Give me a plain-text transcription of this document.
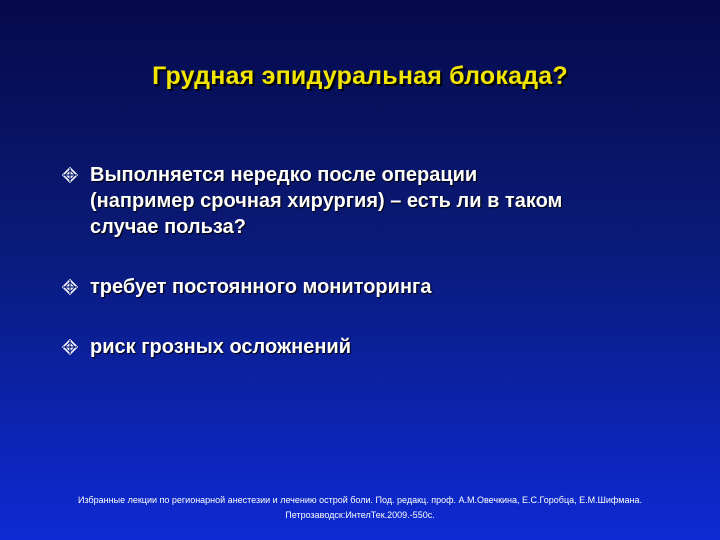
Грудная эпидуральная блокада?
Выполняется нередко после операции
(например срочная хирургия) – есть ли в таком
случае польза?
требует постоянного мониторинга
риск грозных осложнений
Избранные лекции по регионарной анестезии и лечению острой боли. Под. редакц. проф. А.М.Овечкина, Е.С.Горобца, Е.М.Шифмана.
Петрозаводск:ИнтелТек.2009.-550с.
